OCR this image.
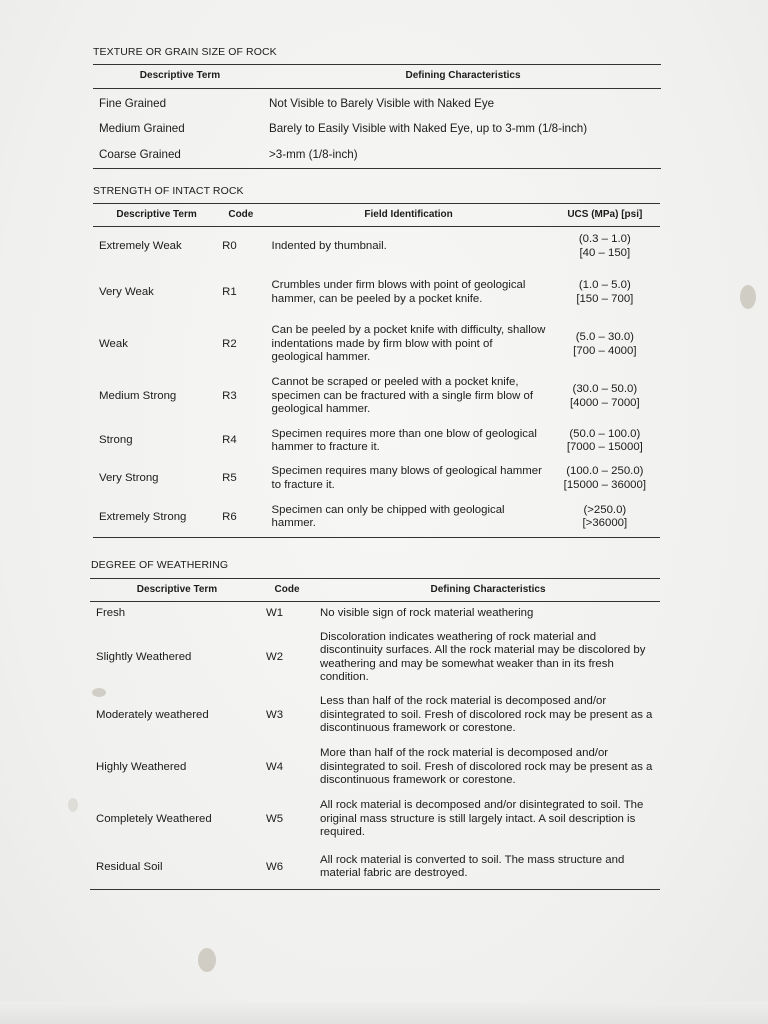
TEXTURE OR GRAIN SIZE OF ROCK
Descriptive Term	Defining Characteristics
Fine Grained	Not Visible to Barely Visible with Naked Eye
Medium Grained	Barely to Easily Visible with Naked Eye, up to 3-mm (1/8-inch)
Coarse Grained	>3-mm (1/8-inch)
STRENGTH OF INTACT ROCK
Descriptive Term	Code	Field Identification	UCS (MPa) [psi]
Extremely Weak	R0	Indented by thumbnail.	(0.3 – 1.0)
[40 – 150]
Very Weak	R1	Crumbles under firm blows with point of geological hammer, can be peeled by a pocket knife.	(1.0 – 5.0)
[150 – 700]
Weak	R2	Can be peeled by a pocket knife with difficulty, shallow indentations made by firm blow with point of geological hammer.	(5.0 – 30.0)
[700 – 4000]
Medium Strong	R3	Cannot be scraped or peeled with a pocket knife, specimen can be fractured with a single firm blow of geological hammer.	(30.0 – 50.0)
[4000 – 7000]
Strong	R4	Specimen requires more than one blow of geological hammer to fracture it.	(50.0 – 100.0)
[7000 – 15000]
Very Strong	R5	Specimen requires many blows of geological hammer to fracture it.	(100.0 – 250.0)
[15000 – 36000]
Extremely Strong	R6	Specimen can only be chipped with geological hammer.	(>250.0)
[>36000]
DEGREE OF WEATHERING
Descriptive Term	Code	Defining Characteristics
Fresh	W1	No visible sign of rock material weathering
Slightly Weathered	W2	Discoloration indicates weathering of rock material and discontinuity surfaces. All the rock material may be discolored by weathering and may be somewhat weaker than in its fresh condition.
Moderately weathered	W3	Less than half of the rock material is decomposed and/or disintegrated to soil. Fresh of discolored rock may be present as a discontinuous framework or corestone.
Highly Weathered	W4	More than half of the rock material is decomposed and/or disintegrated to soil. Fresh of discolored rock may be present as a discontinuous framework or corestone.
Completely Weathered	W5	All rock material is decomposed and/or disintegrated to soil. The original mass structure is still largely intact. A soil description is required.
Residual Soil	W6	All rock material is converted to soil. The mass structure and material fabric are destroyed.
